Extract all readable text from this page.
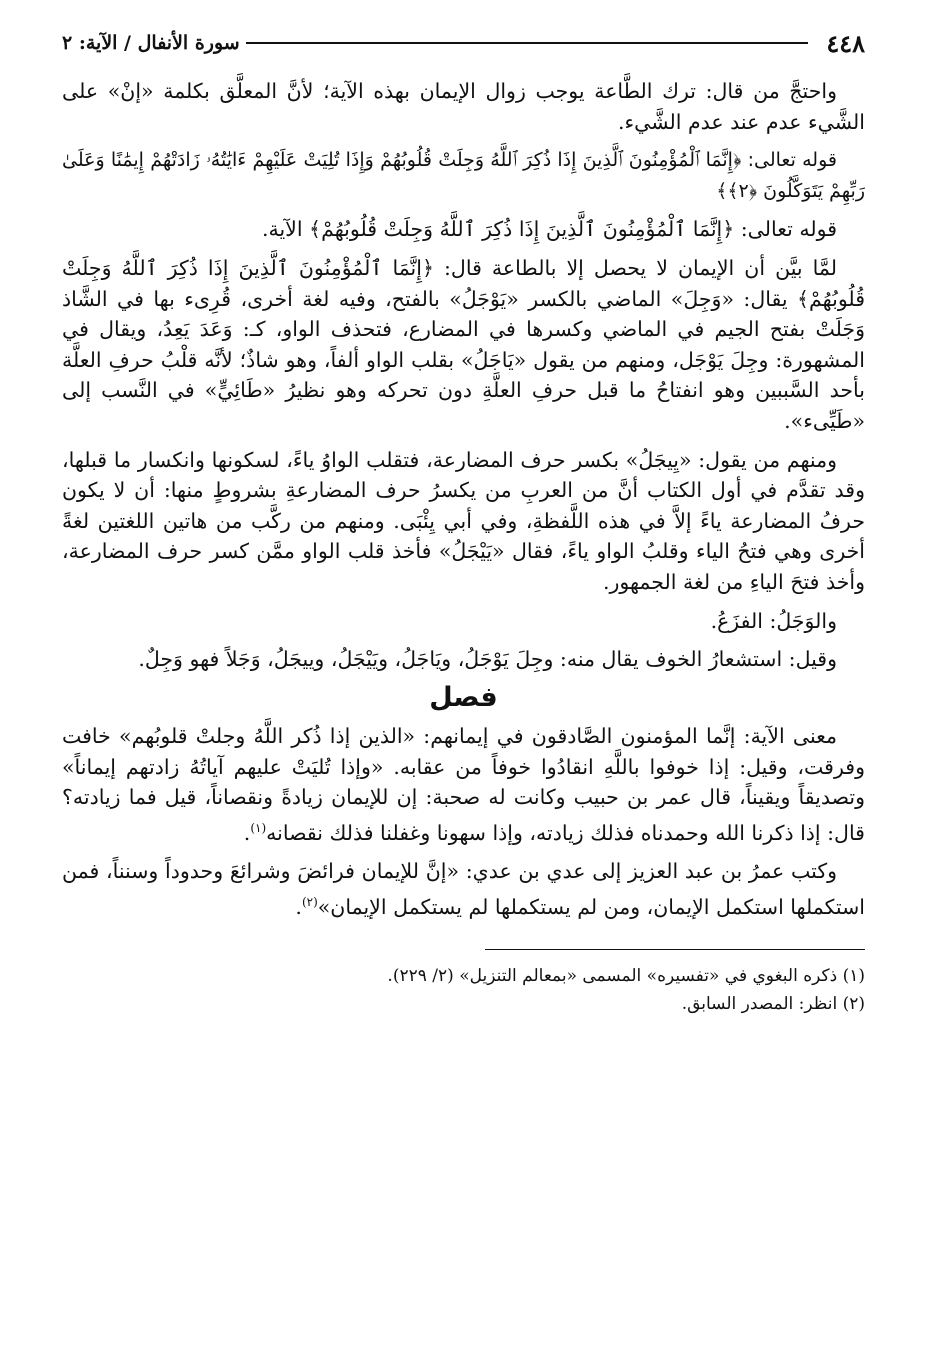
٤٤٨
سورة الأنفال / الآية: ٢

واحتجَّ من قال: ترك الطَّاعة يوجب زوال الإيمان بهذه الآية؛ لأنَّ المعلَّق بكلمة «إنْ» على الشَّيء عدم عند عدم الشَّيء.

قوله تعالى: ﴿إِنَّمَا ٱلْمُؤْمِنُونَ ٱلَّذِينَ إِذَا ذُكِرَ ٱللَّهُ وَجِلَتْ قُلُوبُهُمْ وَإِذَا تُلِيَتْ عَلَيْهِمْ ءَايَٰتُهُۥ زَادَتْهُمْ إِيمَٰنًا وَعَلَىٰ رَبِّهِمْ يَتَوَكَّلُونَ ﴿٢﴾﴾

قوله تعالى: ﴿إِنَّمَا ٱلْمُؤْمِنُونَ ٱلَّذِينَ إِذَا ذُكِرَ ٱللَّهُ وَجِلَتْ قُلُوبُهُمْ﴾ الآية.

لمَّا بيَّن أن الإيمان لا يحصل إلا بالطاعة قال: ﴿إِنَّمَا ٱلْمُؤْمِنُونَ ٱلَّذِينَ إِذَا ذُكِرَ ٱللَّهُ وَجِلَتْ قُلُوبُهُمْ﴾ يقال: «وَجِلَ» الماضي بالكسر «يَوْجَلُ» بالفتح، وفيه لغة أخرى، قُرِىء بها في الشَّاذ وَجَلَتْ بفتح الجيم في الماضي وكسرها في المضارع، فتحذف الواو، كـ: وَعَدَ يَعِدُ، ويقال في المشهورة: وجِلَ يَوْجَل، ومنهم من يقول «يَاجَلُ» بقلب الواو ألفاً، وهو شاذٌ؛ لأنَّه قلْبُ حرفِ العلَّة بأحد السَّببين وهو انفتاحُ ما قبل حرفِ العلَّةِ دون تحركه وهو نظيرُ «طَائِيٍّ» في النَّسب إلى «طَيِّىء».

ومنهم من يقول: «يِيجَلُ» بكسر حرف المضارعة، فتقلب الواوُ ياءً، لسكونها وانكسار ما قبلها، وقد تقدَّم في أول الكتاب أنَّ من العربِ من يكسرُ حرف المضارعةِ بشروطٍ منها: أن لا يكون حرفُ المضارعة ياءً إلاَّ في هذه اللَّفظةِ، وفي أبي يِئْبَى. ومنهم من ركَّب من هاتين اللغتين لغةً أخرى وهي فتحُ الياء وقلبُ الواو ياءً، فقال «يَيْجَلُ» فأخذ قلب الواو ممَّن كسر حرف المضارعة، وأخذ فتحَ الياءِ من لغة الجمهور.

والوَجَلُ: الفزَعُ.

وقيل: استشعارُ الخوف يقال منه: وجِلَ يَوْجَلُ، ويَاجَلُ، ويَيْجَلُ، وييجَلُ، وَجَلاً فهو وَجِلٌ.

فصل

معنى الآية: إنَّما المؤمنون الصَّادقون في إيمانهم: «الذين إذا ذُكر اللَّهُ وجلتْ قلوبُهم» خافت وفرقت، وقيل: إذا خوفوا باللَّهِ انقادُوا خوفاً من عقابه. «وإذا تُليَتْ عليهم آياتُهُ زادتهم إيماناً» وتصديقاً ويقيناً، قال عمر بن حبيب وكانت له صحبة: إن للإيمان زيادةً ونقصاناً، قيل فما زيادته؟ قال: إذا ذكرنا الله وحمدناه فذلك زيادته، وإذا سهونا وغفلنا فذلك نقصانه$^{(١)}$.

وكتب عمرُ بن عبد العزيز إلى عدي بن عدي: «إنَّ للإيمان فرائضَ وشرائعَ وحدوداً وسنناً، فمن استكملها استكمل الإيمان، ومن لم يستكملها لم يستكمل الإيمان»$^{(٢)}$.

(١) ذكره البغوي في «تفسيره» المسمى «بمعالم التنزيل» (٢/ ٢٢٩).
(٢) انظر: المصدر السابق.
